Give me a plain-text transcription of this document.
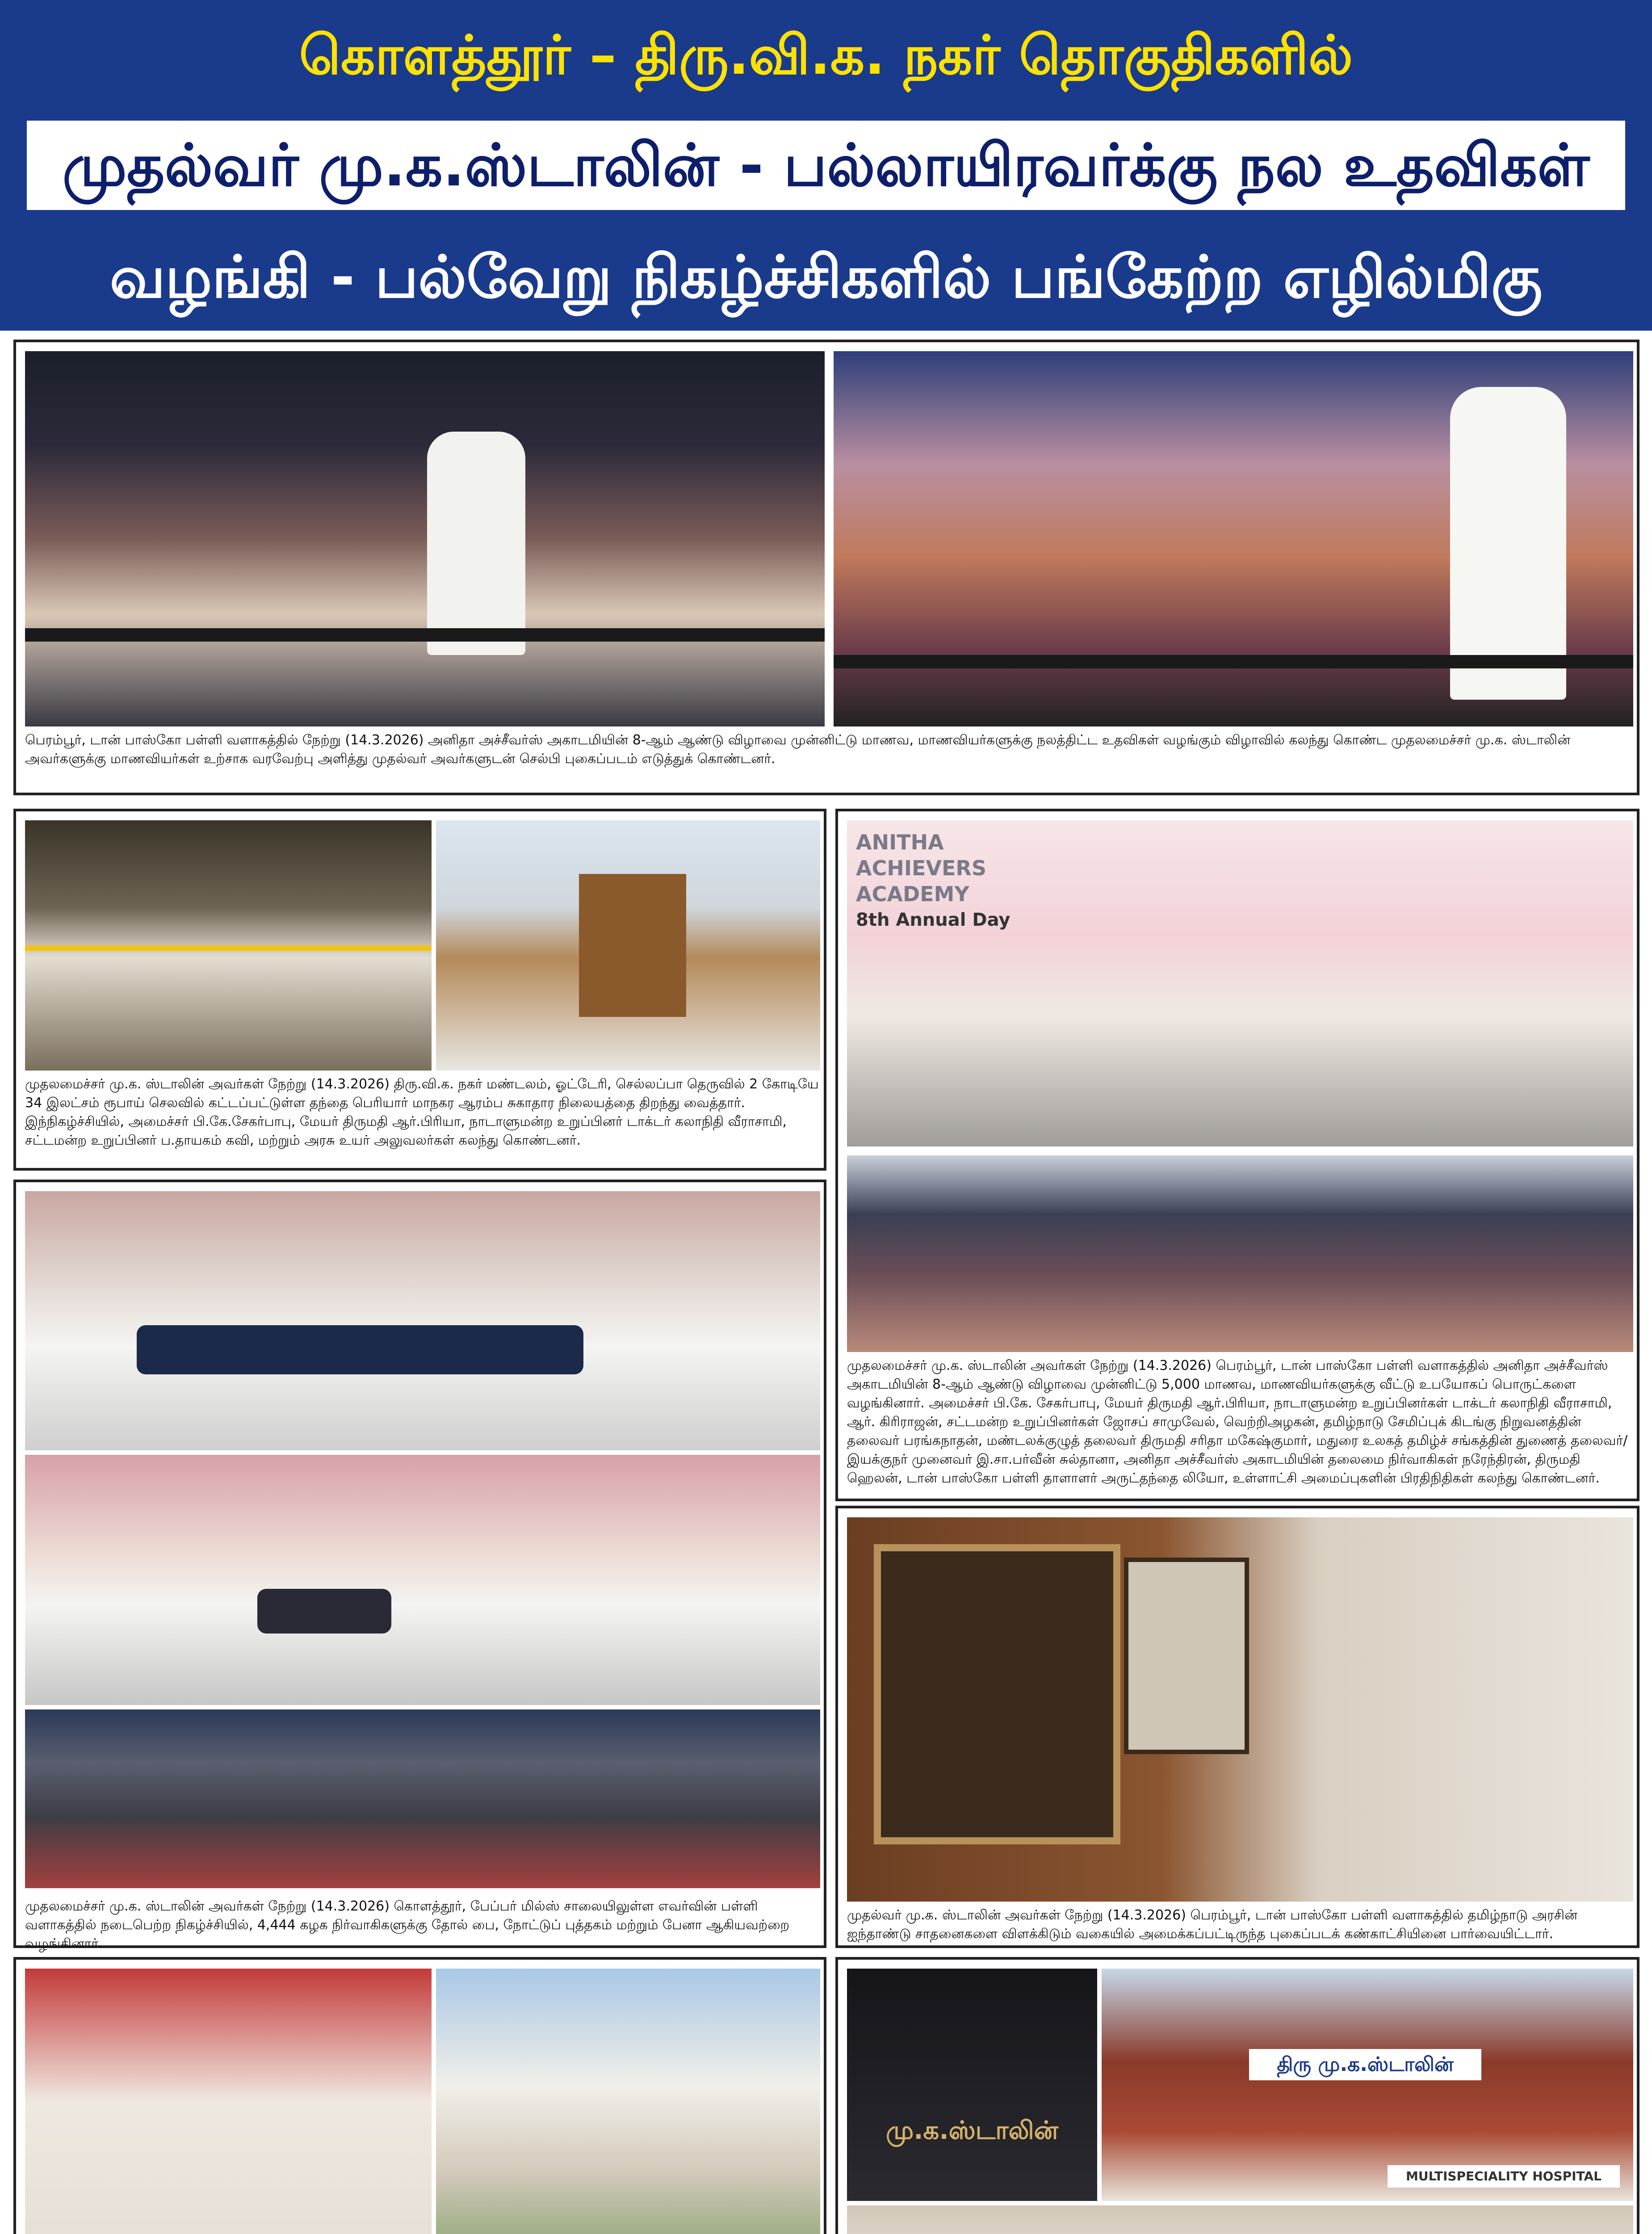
கொளத்தூர் – திரு.வி.க. நகர் தொகுதிகளில்
முதல்வர் மு.க.ஸ்டாலின் - பல்லாயிரவர்க்கு நல உதவிகள்
வழங்கி - பல்வேறு நிகழ்ச்சிகளில் பங்கேற்ற எழில்மிகு
பெரம்பூர், டான் பாஸ்கோ பள்ளி வளாகத்தில் நேற்று (14.3.2026) அனிதா அச்சீவர்ஸ் அகாடமியின் 8-ஆம் ஆண்டு விழாவை முன்னிட்டு மாணவ, மாணவியர்களுக்கு நலத்திட்ட உதவிகள் வழங்கும் விழாவில் கலந்து கொண்ட முதலமைச்சர் மு.க. ஸ்டாலின் அவர்களுக்கு மாணவியர்கள் உற்சாக வரவேற்பு அளித்து முதல்வர் அவர்களுடன் செல்பி புகைப்படம் எடுத்துக் கொண்டனர்.
முதலமைச்சர் மு.க. ஸ்டாலின் அவர்கள் நேற்று (14.3.2026) திரு.வி.க. நகர் மண்டலம், ஓட்டேரி, செல்லப்பா தெருவில் 2 கோடியே 34 இலட்சம் ரூபாய் செலவில் கட்டப்பட்டுள்ள தந்தை பெரியார் மாநகர ஆரம்ப சுகாதார நிலையத்தை திறந்து வைத்தார். இந்நிகழ்ச்சியில், அமைச்சர் பி.கே.சேகர்பாபு, மேயர் திருமதி ஆர்.பிரியா, நாடாளுமன்ற உறுப்பினர் டாக்டர் கலாநிதி வீராசாமி, சட்டமன்ற உறுப்பினர் ப.தாயகம் கவி, மற்றும் அரசு உயர் அலுவலர்கள் கலந்து கொண்டனர்.
முதலமைச்சர் மு.க. ஸ்டாலின் அவர்கள் நேற்று (14.3.2026) கொளத்தூர், பேப்பர் மில்ஸ் சாலையிலுள்ள எவர்வின் பள்ளி வளாகத்தில் நடைபெற்ற நிகழ்ச்சியில், 4,444 கழக நிர்வாகிகளுக்கு தோல் பை, நோட்டுப் புத்தகம் மற்றும் பேனா ஆகியவற்றை வழங்கினார்.
ANITHA
ACHIEVERS
ACADEMY
8th Annual Day
முதலமைச்சர் மு.க. ஸ்டாலின் அவர்கள் நேற்று (14.3.2026) பெரம்பூர், டான் பாஸ்கோ பள்ளி வளாகத்தில் அனிதா அச்சீவர்ஸ் அகாடமியின் 8-ஆம் ஆண்டு விழாவை முன்னிட்டு 5,000 மாணவ, மாணவியர்களுக்கு வீட்டு உபயோகப் பொருட்களை வழங்கினார். அமைச்சர் பி.கே. சேகர்பாபு, மேயர் திருமதி ஆர்.பிரியா, நாடாளுமன்ற உறுப்பினர்கள் டாக்டர் கலாநிதி வீராசாமி, ஆர். கிரிராஜன், சட்டமன்ற உறுப்பினர்கள் ஜோசப் சாமுவேல், வெற்றிஅழகன், தமிழ்நாடு சேமிப்புக் கிடங்கு நிறுவனத்தின் தலைவர் பரங்கநாதன், மண்டலக்குழுத் தலைவர் திருமதி சரிதா மகேஷ்குமார், மதுரை உலகத் தமிழ்ச் சங்கத்தின் துணைத் தலைவர்/இயக்குநர் முனைவர் இ.சா.பர்வீன் சுல்தானா, அனிதா அச்சீவர்ஸ் அகாடமியின் தலைமை நிர்வாகிகள் நரேந்திரன், திருமதி ஹெலன், டான் பாஸ்கோ பள்ளி தாளாளர் அருட்தந்தை லியோ, உள்ளாட்சி அமைப்புகளின் பிரதிநிதிகள் கலந்து கொண்டனர்.
முதல்வர் மு.க. ஸ்டாலின் அவர்கள் நேற்று (14.3.2026) பெரம்பூர், டான் பாஸ்கோ பள்ளி வளாகத்தில் தமிழ்நாடு அரசின் ஐந்தாண்டு சாதனைகளை விளக்கிடும் வகையில் அமைக்கப்பட்டிருந்த புகைப்படக் கண்காட்சியினை பார்வையிட்டார்.
மு.க.ஸ்டாலின்
திரு மு.க.ஸ்டாலின்
MULTISPECIALITY HOSPITAL
